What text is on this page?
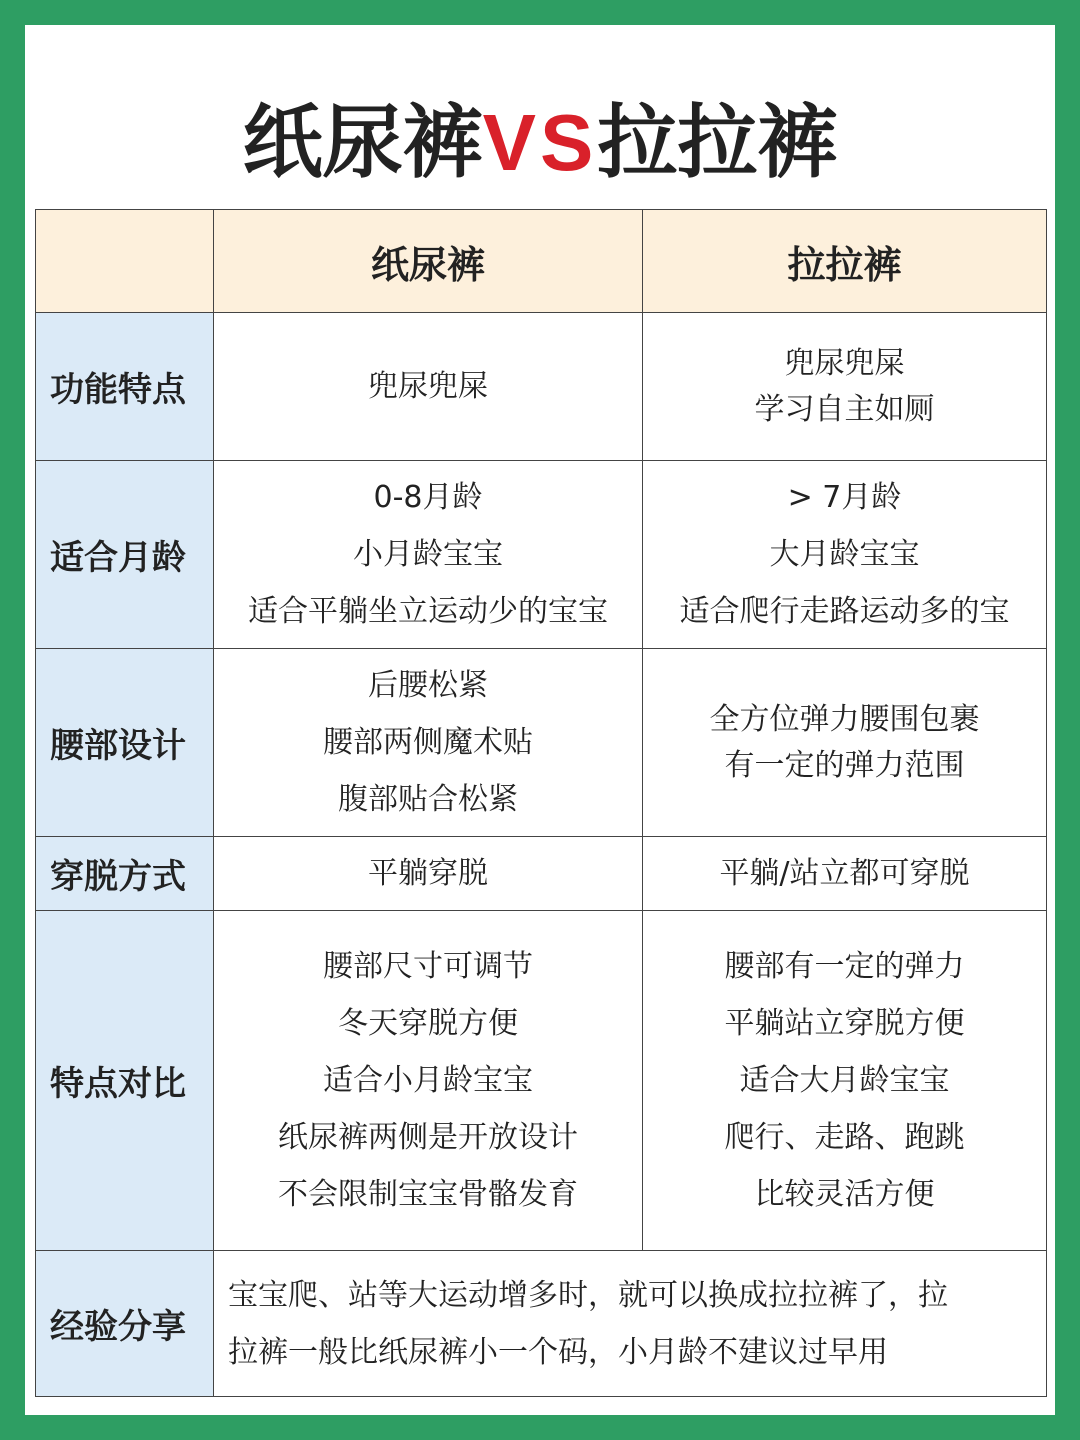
纸尿裤VS拉拉裤
	纸尿裤	拉拉裤
功能特点	兜尿兜屎	兜尿兜屎
学习自主如厕

适合月龄	0-8月龄
小月龄宝宝
适合平躺坐立运动少的宝宝	> 7月龄
大月龄宝宝
适合爬行走路运动多的宝

腰部设计	后腰松紧
腰部两侧魔术贴
腹部贴合松紧	全方位弹力腰围包裹
有一定的弹力范围

穿脱方式	平躺穿脱	平躺/站立都可穿脱

特点对比	腰部尺寸可调节
冬天穿脱方便
适合小月龄宝宝
纸尿裤两侧是开放设计
不会限制宝宝骨骼发育	腰部有一定的弹力
平躺站立穿脱方便
适合大月龄宝宝
爬行、走路、跑跳
比较灵活方便

经验分享	宝宝爬、站等大运动增多时，就可以换成拉拉裤了，拉
拉裤一般比纸尿裤小一个码，小月龄不建议过早用	
